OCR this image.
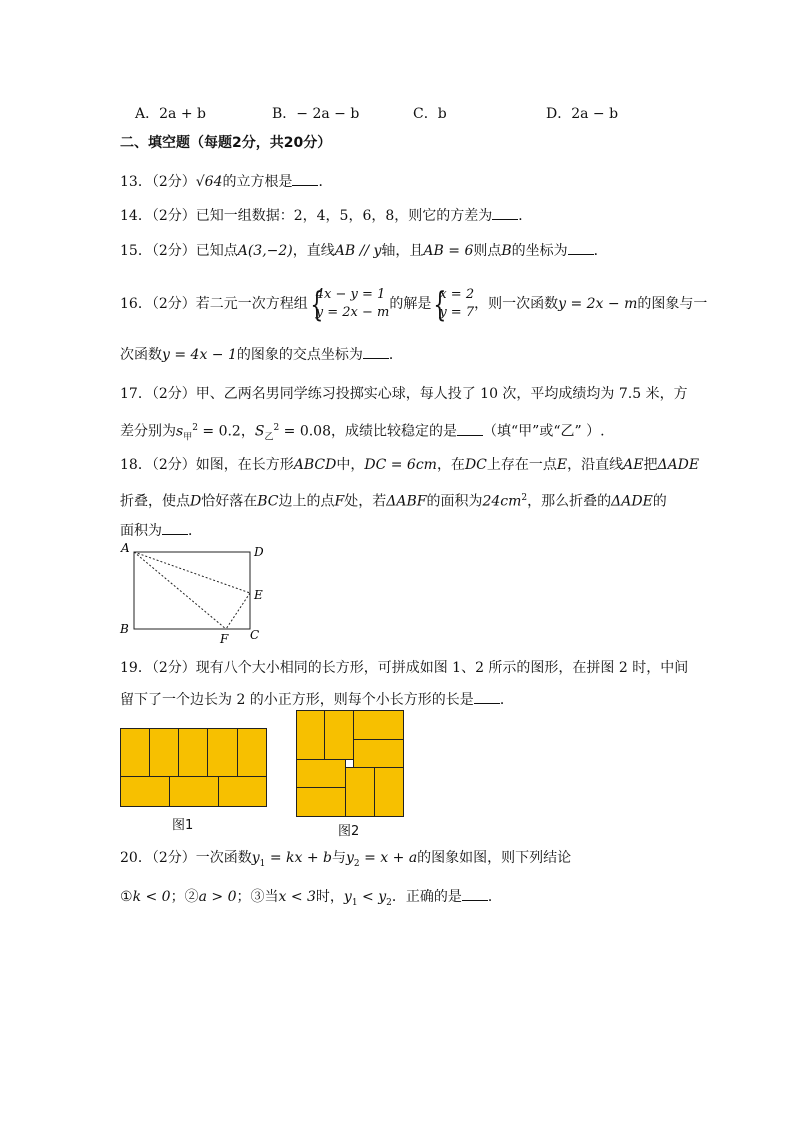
A．2a + b	B．− 2a − b	C．b	D．2a − b
二、填空题（每题2分，共20分）
13．（2分）√64的立方根是 ．
14．（2分）已知一组数据：2，4，5，6，8，则它的方差为 ．
15．（2分）已知点A(3,−2)，直线AB // y轴，且AB = 6则点B的坐标为 ．
16．（2分）若二元一次方程组
{ 4x − y = 1
y = 2x − m
的解是
{ x = 2
y = 7
，则一次函数y = 2x − m的图象与一
次函数y = 4x − 1的图象的交点坐标为 ．
17．（2分）甲、乙两名男同学练习投掷实心球，每人投了 10 次，平均成绩均为 7.5 米，方
差分别为$s_甲^2 = 0.2$，$S_乙^2 = 0.08$，成绩比较稳定的是 （填“甲”或“乙” ）.
18．（2分）如图，在长方形ABCD中，DC = 6cm，在DC上存在一点E，沿直线AE把ΔADE
折叠，使点D恰好落在BC边上的点F处，若ΔABF的面积为$24cm^2$，那么折叠的ΔADE的
面积为 ．
A	D
E
B
F C
19．（2分）现有八个大小相同的长方形，可拼成如图 1、2 所示的图形，在拼图 2 时，中间
留下了一个边长为 2 的小正方形，则每个小长方形的长是 ．
图1	图2
20．（2分）一次函数$y_1$ = kx + b与$y_2 = x + a$的图象如图，则下列结论
①k < 0；②a > 0；③当x < 3时，$y_1 < y_2$．正确的是 ．
